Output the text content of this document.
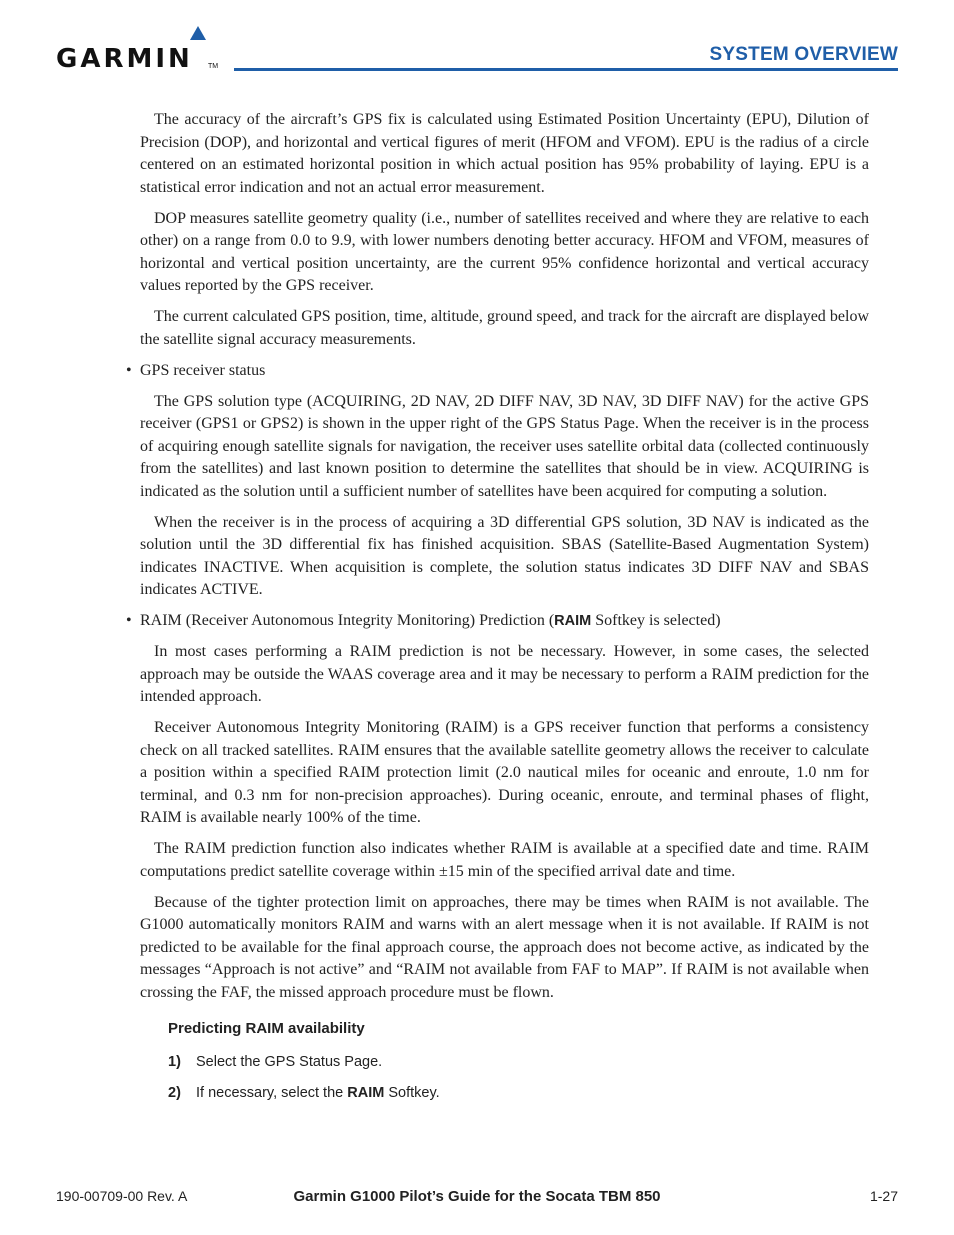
GARMIN TM
SYSTEM OVERVIEW

The accuracy of the aircraft’s GPS fix is calculated using Estimated Position Uncertainty (EPU), Dilution of Precision (DOP), and horizontal and vertical figures of merit (HFOM and VFOM). EPU is the radius of a circle centered on an estimated horizontal position in which actual position has 95% probability of laying. EPU is a statistical error indication and not an actual error measurement.

DOP measures satellite geometry quality (i.e., number of satellites received and where they are relative to each other) on a range from 0.0 to 9.9, with lower numbers denoting better accuracy. HFOM and VFOM, measures of horizontal and vertical position uncertainty, are the current 95% confidence horizontal and vertical accuracy values reported by the GPS receiver.

The current calculated GPS position, time, altitude, ground speed, and track for the aircraft are displayed below the satellite signal accuracy measurements.

• GPS receiver status

The GPS solution type (ACQUIRING, 2D NAV, 2D DIFF NAV, 3D NAV, 3D DIFF NAV) for the active GPS receiver (GPS1 or GPS2) is shown in the upper right of the GPS Status Page. When the receiver is in the process of acquiring enough satellite signals for navigation, the receiver uses satellite orbital data (collected continuously from the satellites) and last known position to determine the satellites that should be in view. ACQUIRING is indicated as the solution until a sufficient number of satellites have been acquired for computing a solution.

When the receiver is in the process of acquiring a 3D differential GPS solution, 3D NAV is indicated as the solution until the 3D differential fix has finished acquisition. SBAS (Satellite-Based Augmentation System) indicates INACTIVE. When acquisition is complete, the solution status indicates 3D DIFF NAV and SBAS indicates ACTIVE.

• RAIM (Receiver Autonomous Integrity Monitoring) Prediction (RAIM Softkey is selected)

In most cases performing a RAIM prediction is not be necessary. However, in some cases, the selected approach may be outside the WAAS coverage area and it may be necessary to perform a RAIM prediction for the intended approach.

Receiver Autonomous Integrity Monitoring (RAIM) is a GPS receiver function that performs a consistency check on all tracked satellites. RAIM ensures that the available satellite geometry allows the receiver to calculate a position within a specified RAIM protection limit (2.0 nautical miles for oceanic and enroute, 1.0 nm for terminal, and 0.3 nm for non-precision approaches). During oceanic, enroute, and terminal phases of flight, RAIM is available nearly 100% of the time.

The RAIM prediction function also indicates whether RAIM is available at a specified date and time. RAIM computations predict satellite coverage within ±15 min of the specified arrival date and time.

Because of the tighter protection limit on approaches, there may be times when RAIM is not available. The G1000 automatically monitors RAIM and warns with an alert message when it is not available. If RAIM is not predicted to be available for the final approach course, the approach does not become active, as indicated by the messages “Approach is not active” and “RAIM not available from FAF to MAP”. If RAIM is not available when crossing the FAF, the missed approach procedure must be flown.

Predicting RAIM availability
1) Select the GPS Status Page.
2) If necessary, select the RAIM Softkey.
190-00709-00 Rev. A	Garmin G1000 Pilot’s Guide for the Socata TBM 850	1-27
